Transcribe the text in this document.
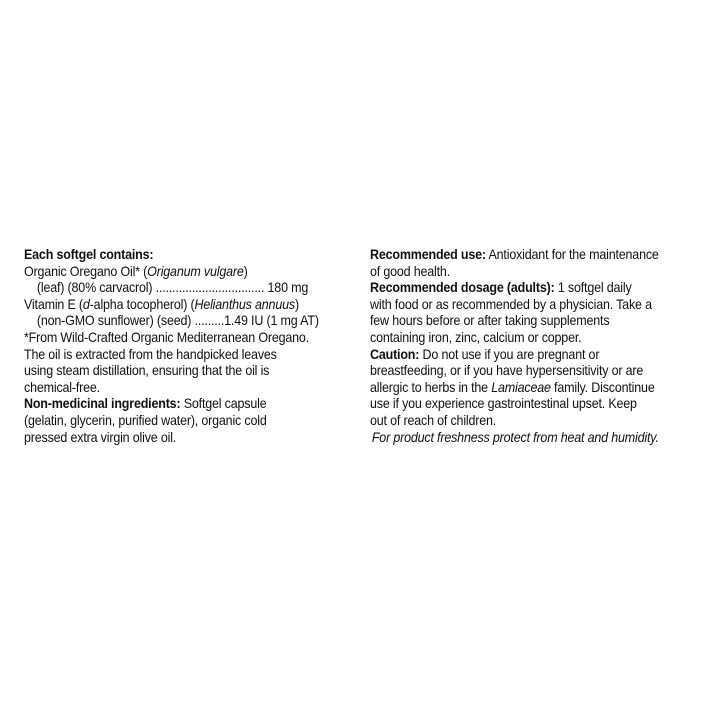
Each softgel contains:
Organic Oregano Oil* (Origanum vulgare)
(leaf) (80% carvacrol) ................................. 180 mg
Vitamin E (d-alpha tocopherol) (Helianthus annuus)
(non-GMO sunflower) (seed) .........1.49 IU (1 mg AT)
*From Wild-Crafted Organic Mediterranean Oregano.
The oil is extracted from the handpicked leaves
using steam distillation, ensuring that the oil is
chemical-free.
Non-medicinal ingredients: Softgel capsule
(gelatin, glycerin, purified water), organic cold
pressed extra virgin olive oil.
Recommended use: Antioxidant for the maintenance
of good health.
Recommended dosage (adults): 1 softgel daily
with food or as recommended by a physician. Take a
few hours before or after taking supplements
containing iron, zinc, calcium or copper.
Caution: Do not use if you are pregnant or
breastfeeding, or if you have hypersensitivity or are
allergic to herbs in the Lamiaceae family. Discontinue
use if you experience gastrointestinal upset. Keep
out of reach of children.
For product freshness protect from heat and humidity.
